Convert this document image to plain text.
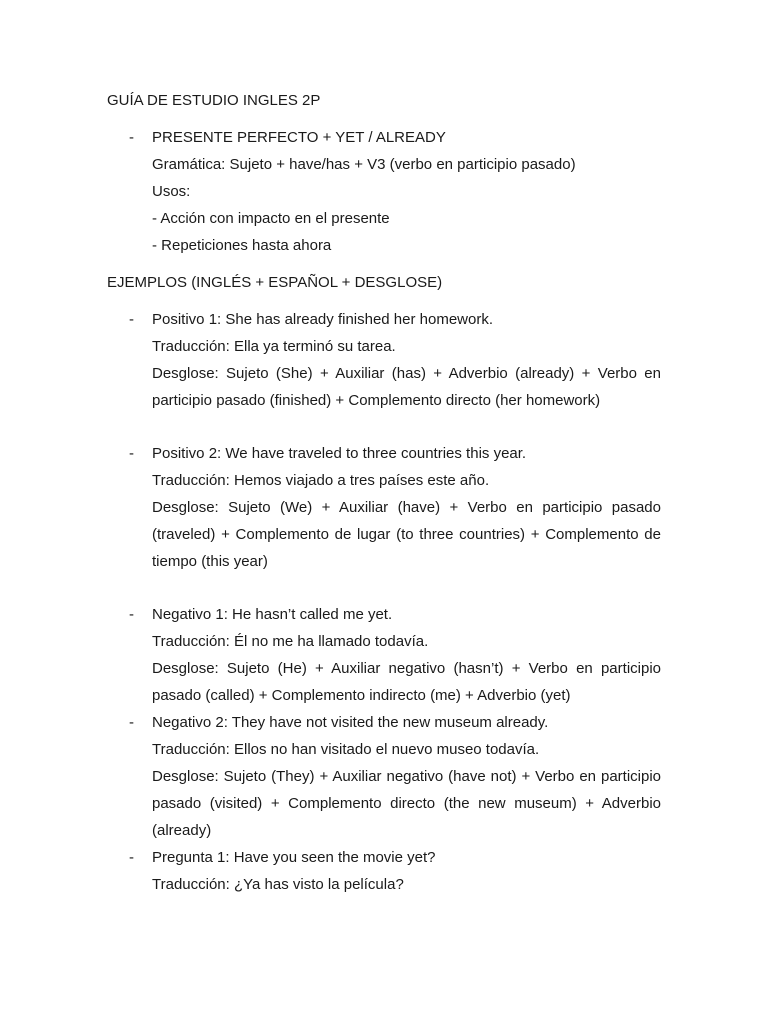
GUÍA DE ESTUDIO INGLES 2P
- PRESENTE PERFECTO + YET / ALREADY
Gramática: Sujeto + have/has + V3 (verbo en participio pasado)
Usos:
- Acción con impacto en el presente
- Repeticiones hasta ahora
EJEMPLOS (INGLÉS + ESPAÑOL + DESGLOSE)
- Positivo 1: She has already finished her homework.
Traducción: Ella ya terminó su tarea.
Desglose: Sujeto (She) + Auxiliar (has) + Adverbio (already) + Verbo en participio pasado (finished) + Complemento directo (her homework)
- Positivo 2: We have traveled to three countries this year.
Traducción: Hemos viajado a tres países este año.
Desglose: Sujeto (We) + Auxiliar (have) + Verbo en participio pasado (traveled) + Complemento de lugar (to three countries) + Complemento de tiempo (this year)
- Negativo 1: He hasn’t called me yet.
Traducción: Él no me ha llamado todavía.
Desglose: Sujeto (He) + Auxiliar negativo (hasn’t) + Verbo en participio pasado (called) + Complemento indirecto (me) + Adverbio (yet)
- Negativo 2: They have not visited the new museum already.
Traducción: Ellos no han visitado el nuevo museo todavía.
Desglose: Sujeto (They) + Auxiliar negativo (have not) + Verbo en participio pasado (visited) + Complemento directo (the new museum) + Adverbio (already)
- Pregunta 1: Have you seen the movie yet?
Traducción: ¿Ya has visto la película?
